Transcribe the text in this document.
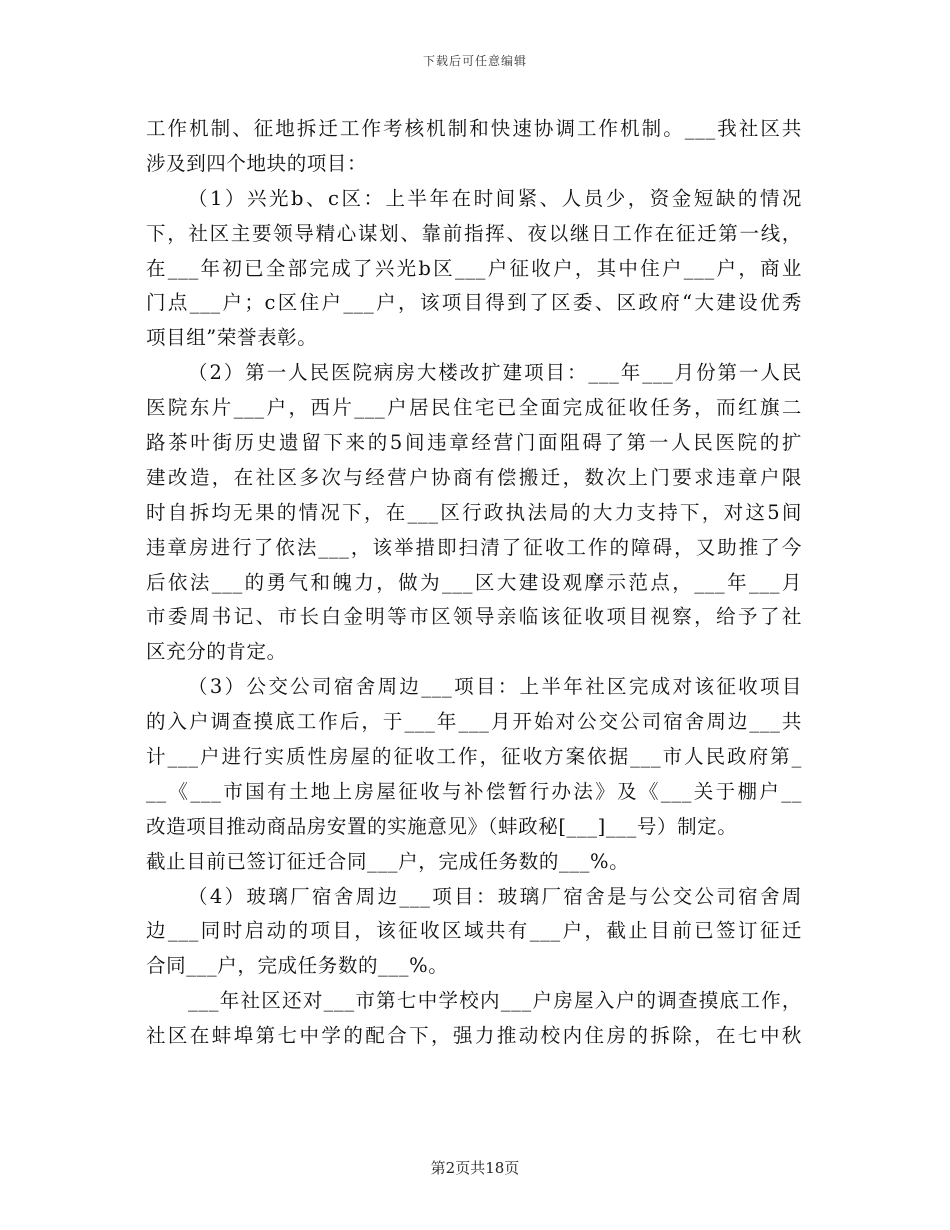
下载后可任意编辑
工作机制、征地拆迁工作考核机制和快速协调工作机制。___我社区共
涉及到四个地块的项目：
（1）兴光b、c区：上半年在时间紧、人员少，资金短缺的情况
下，社区主要领导精心谋划、靠前指挥、夜以继日工作在征迁第一线，
在___年初已全部完成了兴光b区___户征收户，其中住户___户，商业
门点___户；c区住户___户，该项目得到了区委、区政府“大建设优秀
项目组”荣誉表彰。
（2）第一人民医院病房大楼改扩建项目：___年___月份第一人民
医院东片___户，西片___户居民住宅已全面完成征收任务，而红旗二
路茶叶街历史遗留下来的5间违章经营门面阻碍了第一人民医院的扩
建改造，在社区多次与经营户协商有偿搬迁，数次上门要求违章户限
时自拆均无果的情况下，在___区行政执法局的大力支持下，对这5间
违章房进行了依法___，该举措即扫清了征收工作的障碍，又助推了今
后依法___的勇气和魄力，做为___区大建设观摩示范点，___年___月
市委周书记、市长白金明等市区领导亲临该征收项目视察，给予了社
区充分的肯定。
（3）公交公司宿舍周边___项目：上半年社区完成对该征收项目
的入户调查摸底工作后，于___年___月开始对公交公司宿舍周边___共
计___户进行实质性房屋的征收工作，征收方案依据___市人民政府第_
__《___市国有土地上房屋征收与补偿暂行办法》及《___关于棚户__
改造项目推动商品房安置的实施意见》（蚌政秘[___]___号）制定。
截止目前已签订征迁合同___户，完成任务数的___%。
（4）玻璃厂宿舍周边___项目：玻璃厂宿舍是与公交公司宿舍周
边___同时启动的项目，该征收区域共有___户，截止目前已签订征迁
合同___户，完成任务数的___%。
___年社区还对___市第七中学校内___户房屋入户的调查摸底工作，
社区在蚌埠第七中学的配合下，强力推动校内住房的拆除，在七中秋
第2页共18页
